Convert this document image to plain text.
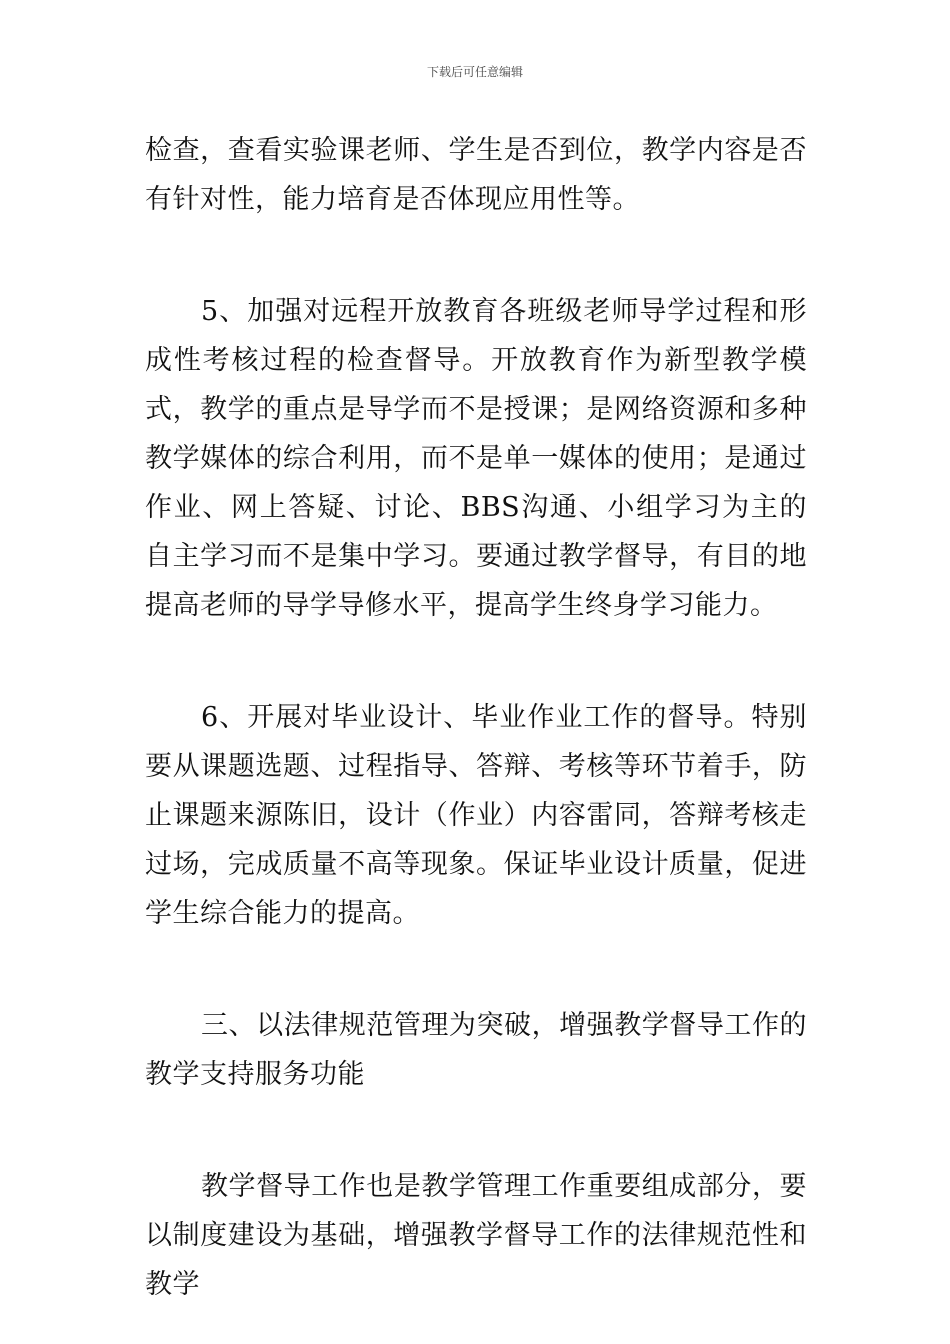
下载后可任意编辑

检查，查看实验课老师、学生是否到位，教学内容是否有针对性，能力培育是否体现应用性等。

5、加强对远程开放教育各班级老师导学过程和形成性考核过程的检查督导。开放教育作为新型教学模式，教学的重点是导学而不是授课；是网络资源和多种教学媒体的综合利用，而不是单一媒体的使用；是通过作业、网上答疑、讨论、BBS沟通、小组学习为主的自主学习而不是集中学习。要通过教学督导，有目的地提高老师的导学导修水平，提高学生终身学习能力。

6、开展对毕业设计、毕业作业工作的督导。特别要从课题选题、过程指导、答辩、考核等环节着手，防止课题来源陈旧，设计（作业）内容雷同，答辩考核走过场，完成质量不高等现象。保证毕业设计质量，促进学生综合能力的提高。

三、以法律规范管理为突破，增强教学督导工作的教学支持服务功能

教学督导工作也是教学管理工作重要组成部分，要以制度建设为基础，增强教学督导工作的法律规范性和教学
